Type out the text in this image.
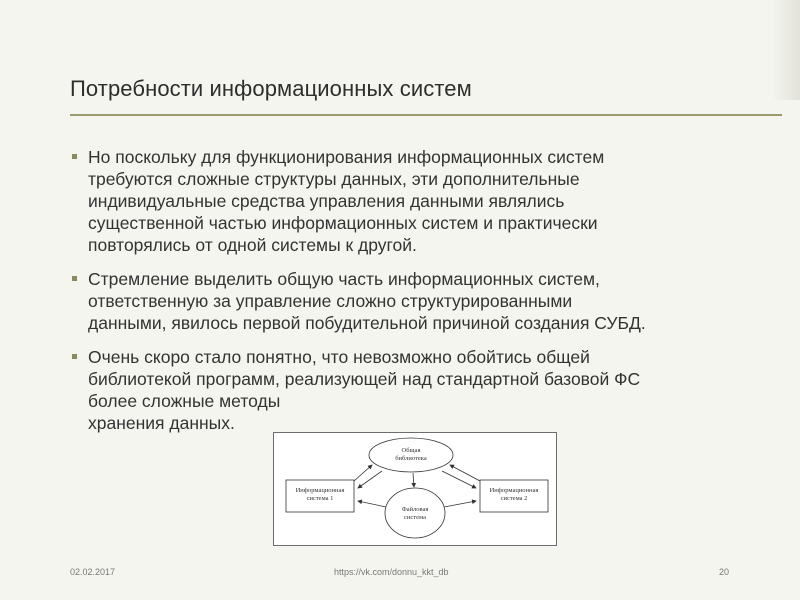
Потребности информационных систем
Но поскольку для функционирования информационных систем
требуются сложные структуры данных, эти дополнительные
индивидуальные средства управления данными являлись
существенной частью информационных систем и практически
повторялись от одной системы к другой.
Стремление выделить общую часть информационных систем,
ответственную за управление сложно структурированными
данными, явилось первой побудительной причиной создания СУБД.
Очень скоро стало понятно, что невозможно обойтись общей
библиотекой программ, реализующей над стандартной базовой ФС
более сложные методы
хранения данных.
Общая
библиотека
Информационная
система 1
Информационная
система 2
Файловая
система
02.02.2017	https://vk.com/donnu_kkt_db	20
